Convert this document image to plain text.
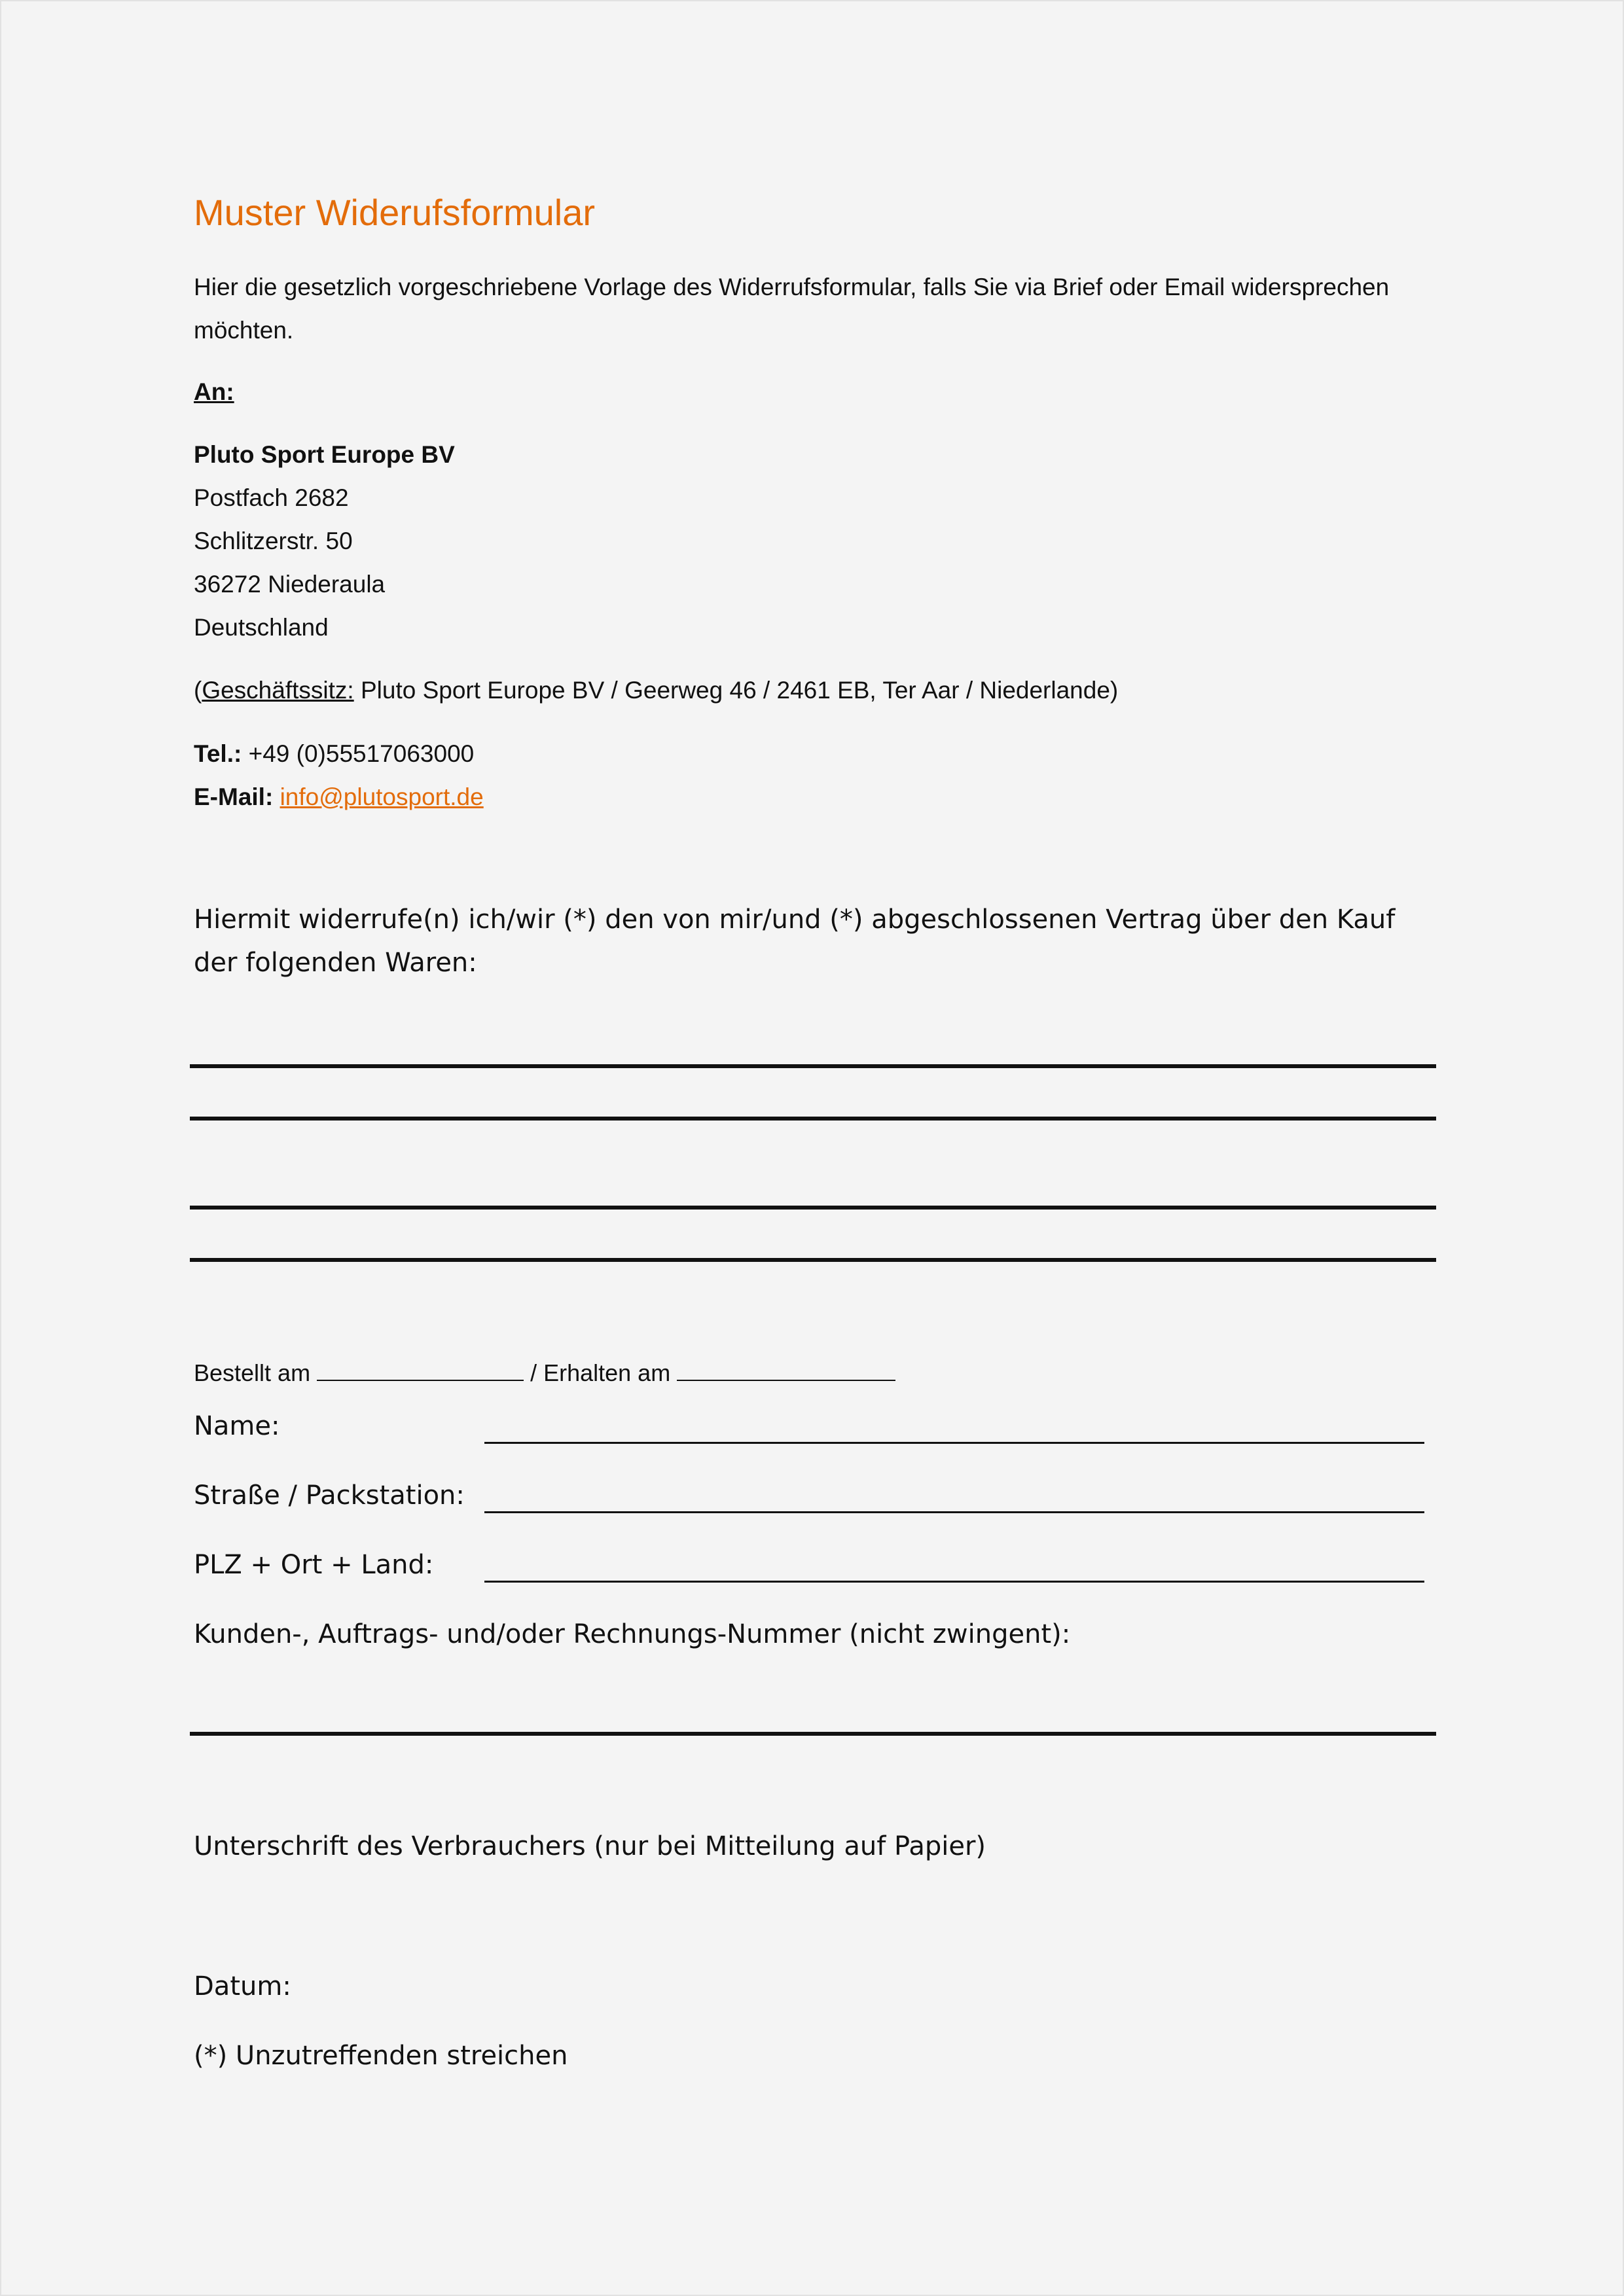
Muster Widerufsformular
Hier die gesetzlich vorgeschriebene Vorlage des Widerrufsformular, falls Sie via Brief oder Email widersprechen möchten.
An:
Pluto Sport Europe BV
Postfach 2682
Schlitzerstr. 50
36272 Niederaula
Deutschland
(Geschäftssitz: Pluto Sport Europe BV / Geerweg 46 / 2461 EB, Ter Aar / Niederlande)
Tel.: +49 (0)55517063000
E-Mail: info@plutosport.de
Hiermit widerrufe(n) ich/wir (*) den von mir/und (*) abgeschlossenen Vertrag über den Kauf der folgenden Waren:
Bestellt am	/ Erhalten am
Name:
Straße / Packstation:
PLZ + Ort + Land:
Kunden-, Auftrags- und/oder Rechnungs-Nummer (nicht zwingent):
Unterschrift des Verbrauchers (nur bei Mitteilung auf Papier)
Datum:
(*) Unzutreffenden streichen
